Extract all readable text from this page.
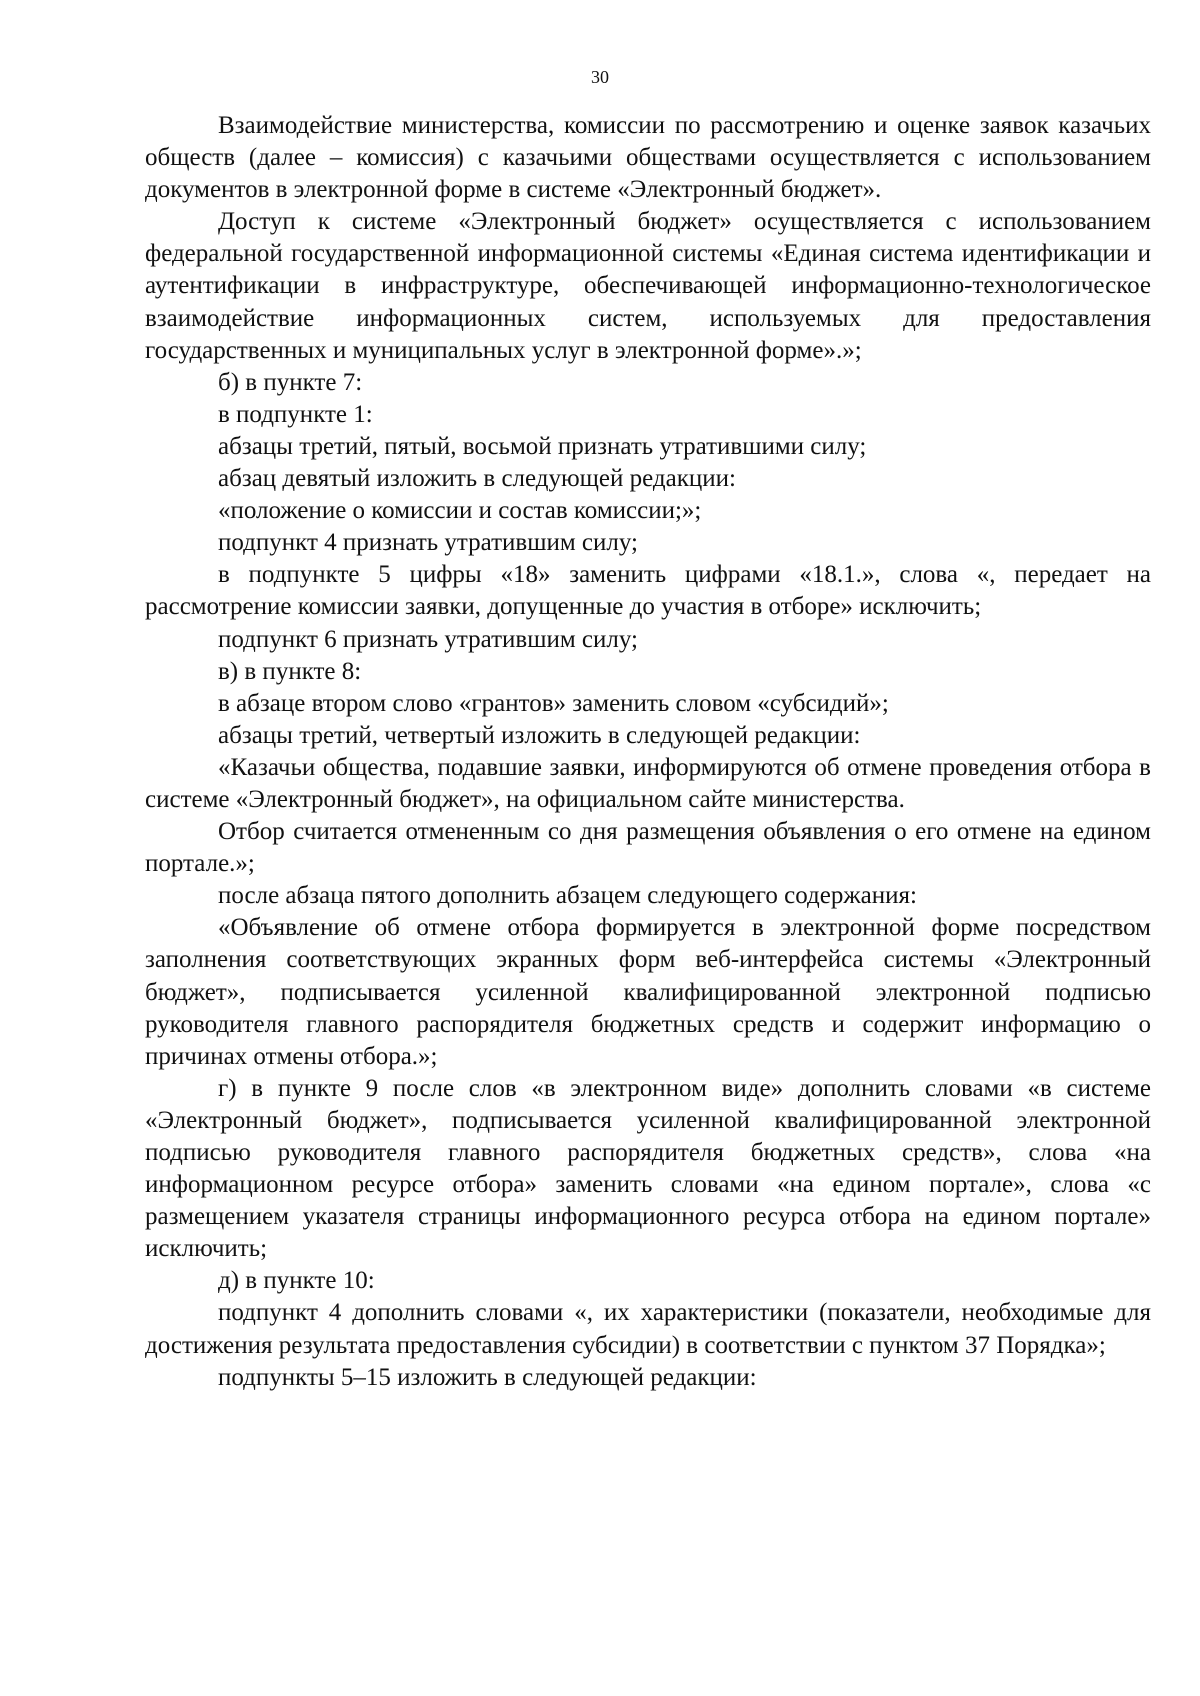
30

Взаимодействие министерства, комиссии по рассмотрению и оценке заявок казачьих обществ (далее – комиссия) с казачьими обществами осуществляется с использованием документов в электронной форме в системе «Электронный бюджет».

Доступ к системе «Электронный бюджет» осуществляется с использованием федеральной государственной информационной системы «Единая система идентификации и аутентификации в инфраструктуре, обеспечивающей информационно-технологическое взаимодействие информационных систем, используемых для предоставления государственных и муниципальных услуг в электронной форме».»;

б) в пункте 7:

в подпункте 1:

абзацы третий, пятый, восьмой признать утратившими силу;

абзац девятый изложить в следующей редакции:

«положение о комиссии и состав комиссии;»;

подпункт 4 признать утратившим силу;

в подпункте 5 цифры «18» заменить цифрами «18.1.», слова «, передает на рассмотрение комиссии заявки, допущенные до участия в отборе» исключить;

подпункт 6 признать утратившим силу;

в) в пункте 8:

в абзаце втором слово «грантов» заменить словом «субсидий»;

абзацы третий, четвертый изложить в следующей редакции:

«Казачьи общества, подавшие заявки, информируются об отмене проведения отбора в системе «Электронный бюджет», на официальном сайте министерства.

Отбор считается отмененным со дня размещения объявления о его отмене на едином портале.»;

после абзаца пятого дополнить абзацем следующего содержания:

«Объявление об отмене отбора формируется в электронной форме посредством заполнения соответствующих экранных форм веб-интерфейса системы «Электронный бюджет», подписывается усиленной квалифицированной электронной подписью руководителя главного распорядителя бюджетных средств и содержит информацию о причинах отмены отбора.»;

г) в пункте 9 после слов «в электронном виде» дополнить словами «в системе «Электронный бюджет», подписывается усиленной квалифицированной электронной подписью руководителя главного распорядителя бюджетных средств», слова «на информационном ресурсе отбора» заменить словами «на едином портале», слова «с размещением указателя страницы информационного ресурса отбора на едином портале» исключить;

д) в пункте 10:

подпункт 4 дополнить словами «, их характеристики (показатели, необходимые для достижения результата предоставления субсидии) в соответствии с пунктом 37 Порядка»;

подпункты 5–15 изложить в следующей редакции:
